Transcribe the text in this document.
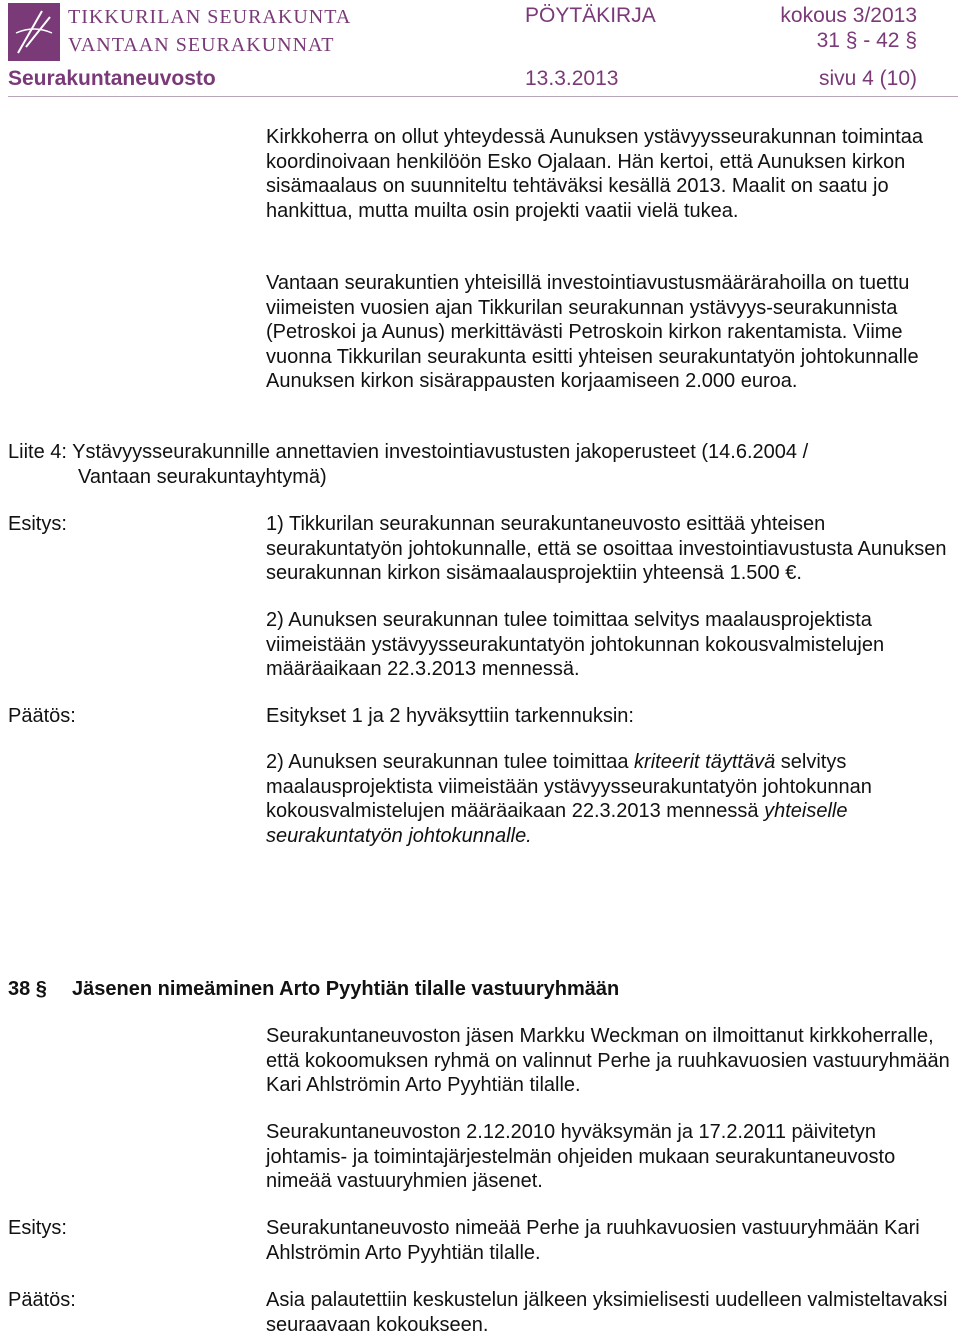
TIKKURILAN SEURAKUNTA
VANTAAN SEURAKUNNAT
PÖYTÄKIRJA	kokous 3/2013
31 § - 42 §
Seurakuntaneuvosto	13.3.2013	sivu 4 (10)

Kirkkoherra on ollut yhteydessä Aunuksen ystävyysseurakunnan toimintaa koordinoivaan henkilöön Esko Ojalaan. Hän kertoi, että Aunuksen kirkon sisämaalaus on suunniteltu tehtäväksi kesällä 2013. Maalit on saatu jo hankittua, mutta muilta osin projekti vaatii vielä tukea.

Vantaan seurakuntien yhteisillä investointiavustusmäärärahoilla on tuettu viimeisten vuosien ajan Tikkurilan seurakunnan ystävyys-seurakunnista (Petroskoi ja Aunus) merkittävästi Petroskoin kirkon rakentamista. Viime vuonna Tikkurilan seurakunta esitti yhteisen seurakuntatyön johtokunnalle Aunuksen kirkon sisärappausten korjaamiseen 2.000 euroa.

Liite 4: Ystävyysseurakunnille annettavien investointiavustusten jakoperusteet (14.6.2004 /
Vantaan seurakuntayhtymä)
Esitys:	1) Tikkurilan seurakunnan seurakuntaneuvosto esittää yhteisen seurakuntatyön johtokunnalle, että se osoittaa investointiavustusta Aunuksen seurakunnan kirkon sisämaalausprojektiin yhteensä 1.500 €.

2) Aunuksen seurakunnan tulee toimittaa selvitys maalausprojektista viimeistään ystävyysseurakuntatyön johtokunnan kokousvalmistelujen määräaikaan 22.3.2013 mennessä.

Päätös:	Esitykset 1 ja 2 hyväksyttiin tarkennuksin:

2) Aunuksen seurakunnan tulee toimittaa kriteerit täyttävä selvitys maalausprojektista viimeistään ystävyysseurakuntatyön johtokunnan kokousvalmistelujen määräaikaan 22.3.2013 mennessä yhteiselle seurakuntatyön johtokunnalle.

38 § Jäsenen nimeäminen Arto Pyyhtiän tilalle vastuuryhmään

Seurakuntaneuvoston jäsen Markku Weckman on ilmoittanut kirkkoherralle, että kokoomuksen ryhmä on valinnut Perhe ja ruuhkavuosien vastuuryhmään Kari Ahlströmin Arto Pyyhtiän tilalle.

Seurakuntaneuvoston 2.12.2010 hyväksymän ja 17.2.2011 päivitetyn johtamis- ja toimintajärjestelmän ohjeiden mukaan seurakuntaneuvosto nimeää vastuuryhmien jäsenet.

Esitys:	Seurakuntaneuvosto nimeää Perhe ja ruuhkavuosien vastuuryhmään Kari Ahlströmin Arto Pyyhtiän tilalle.

Päätös:	Asia palautettiin keskustelun jälkeen yksimielisesti uudelleen valmisteltavaksi seuraavaan kokoukseen.
